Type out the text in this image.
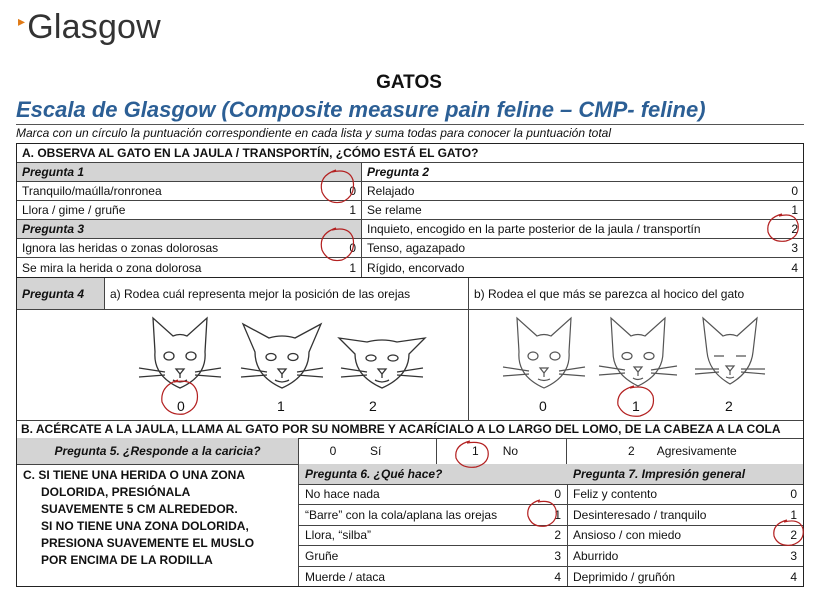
▸Glasgow
GATOS
Escala de Glasgow (Composite measure pain feline – CMP- feline)
Marca con un círculo la puntuación correspondiente en cada lista y suma todas para conocer la puntuación total
A. OBSERVA AL GATO EN LA JAULA / TRANSPORTÍN, ¿CÓMO ESTÁ EL GATO?
Pregunta 1	Pregunta 2
Tranquilo/maúlla/ronronea	0 Relajado	0
Llora / gime / gruñe	1 Se relame	1
Pregunta 3	Inquieto, encogido en la parte posterior de la jaula / transportín	2
Ignora las heridas o zonas dolorosas	0 Tenso, agazapado	3
Se mira la herida o zona dolorosa	1 Rígido, encorvado	4
Pregunta 4	a) Rodea cuál representa mejor la posición de las orejas	b) Rodea el que más se parezca al hocico del gato
0	1	2	0	1	2
B. ACÉRCATE A LA JAULA, LLAMA AL GATO POR SU NOMBRE Y ACARÍCIALO A LO LARGO DEL LOMO, DE LA CABEZA A LA COLA
Pregunta 5. ¿Responde a la caricia?	0	Sí	1	No	2	Agresivamente
C. SI TIENE UNA HERIDA O UNA ZONA
DOLORIDA, PRESIÓNALA
SUAVEMENTE 5 CM ALREDEDOR.
SI NO TIENE UNA ZONA DOLORIDA,
PRESIONA SUAVEMENTE EL MUSLO
POR ENCIMA DE LA RODILLA
Pregunta 6. ¿Qué hace?
No hace nada	0
“Barre” con la cola/aplana las orejas	1
Llora, “silba”	2
Gruñe	3
Muerde / ataca	4
Pregunta 7. Impresión general
Feliz y contento	0
Desinteresado / tranquilo	1
Ansioso / con miedo	2
Aburrido	3
Deprimido / gruñón	4
